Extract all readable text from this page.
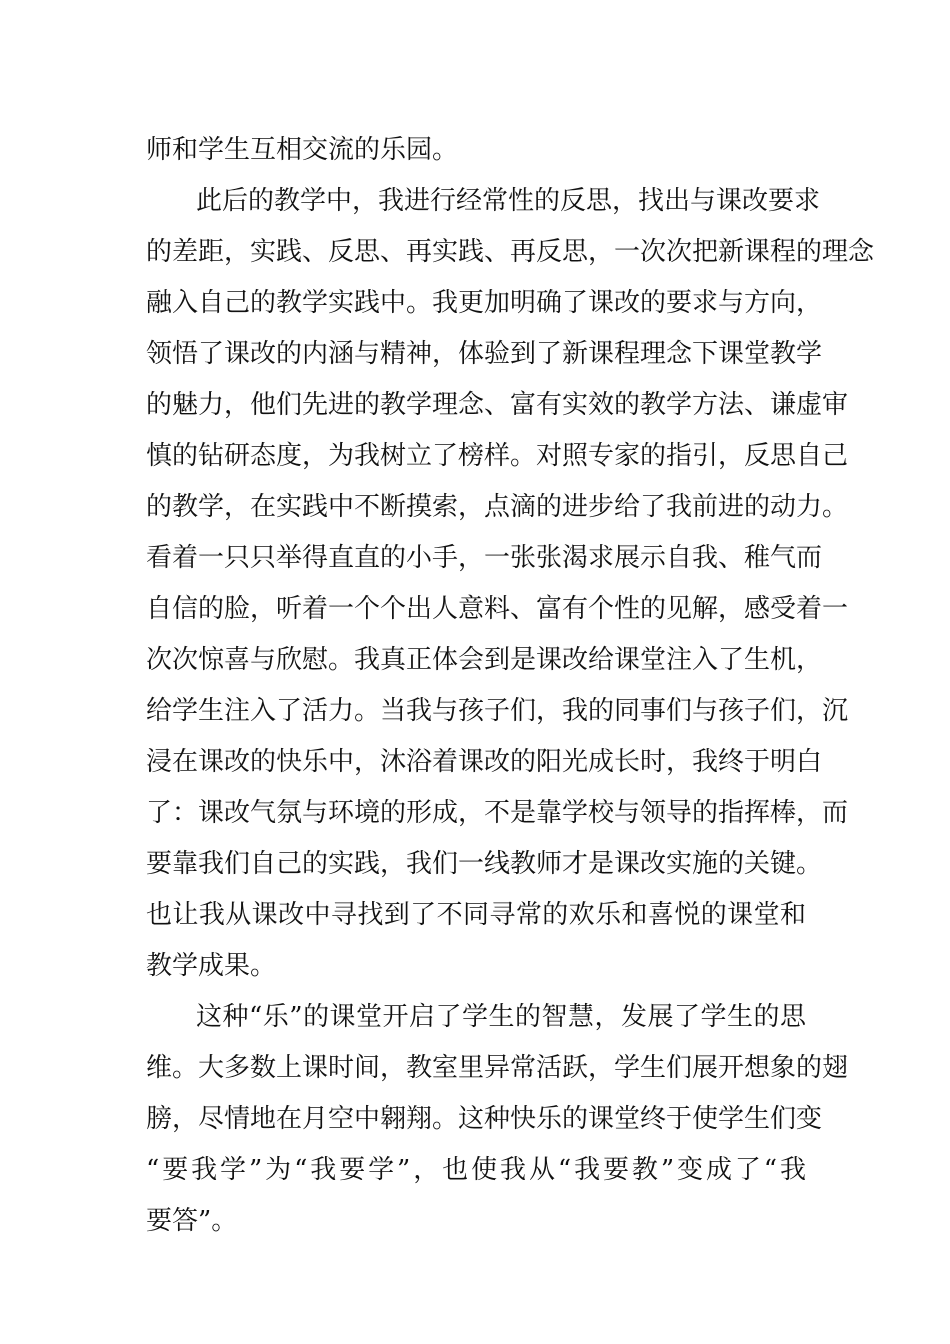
师和学生互相交流的乐园。
此后的教学中，我进行经常性的反思，找出与课改要求
的差距，实践、反思、再实践、再反思，一次次把新课程的理念
融入自己的教学实践中。我更加明确了课改的要求与方向，
领悟了课改的内涵与精神，体验到了新课程理念下课堂教学
的魅力，他们先进的教学理念、富有实效的教学方法、谦虚审
慎的钻研态度，为我树立了榜样。对照专家的指引，反思自己
的教学，在实践中不断摸索，点滴的进步给了我前进的动力。
看着一只只举得直直的小手，一张张渴求展示自我、稚气而
自信的脸，听着一个个出人意料、富有个性的见解，感受着一
次次惊喜与欣慰。我真正体会到是课改给课堂注入了生机，
给学生注入了活力。当我与孩子们，我的同事们与孩子们，沉
浸在课改的快乐中，沐浴着课改的阳光成长时，我终于明白
了：课改气氛与环境的形成，不是靠学校与领导的指挥棒，而
要靠我们自己的实践，我们一线教师才是课改实施的关键。
也让我从课改中寻找到了不同寻常的欢乐和喜悦的课堂和
教学成果。
这种“乐”的课堂开启了学生的智慧，发展了学生的思
维。大多数上课时间，教室里异常活跃，学生们展开想象的翅
膀，尽情地在月空中翱翔。这种快乐的课堂终于使学生们变
“要我学”为“我要学”，也使我从“我要教”变成了“我
要答”。
